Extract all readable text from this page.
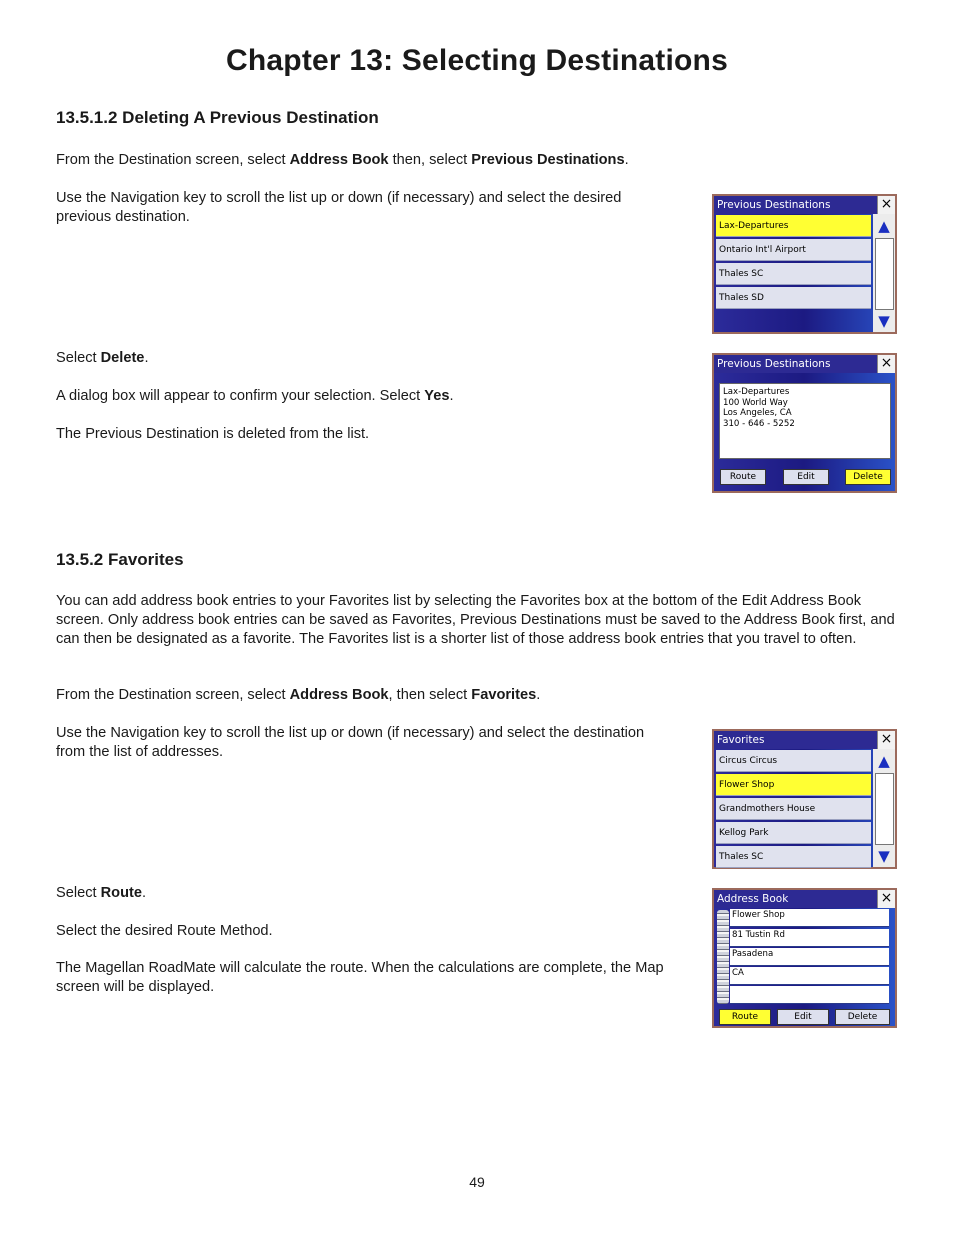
Chapter 13: Selecting Destinations
13.5.1.2 Deleting A Previous Destination
From the Destination screen, select Address Book then, select Previous Destinations.
Use the Navigation key to scroll the list up or down (if necessary) and select the desired previous destination.
Select Delete.
A dialog box will appear to confirm your selection. Select Yes.
The Previous Destination is deleted from the list.
Previous Destinations	×
Lax-Departures
Ontario Int'l Airport
Thales SC
Thales SD
▲
▼
Previous Destinations	×
Lax-Departures
100 World Way
Los Angeles, CA
310 - 646 - 5252
Route	Edit	Delete
13.5.2 Favorites
You can add address book entries to your Favorites list by selecting the Favorites box at the bottom of the Edit Address Book screen. Only address book entries can be saved as Favorites, Previous Destinations must be saved to the Address Book first, and can then be designated as a favorite. The Favorites list is a shorter list of those address book entries that you travel to often.
From the Destination screen, select Address Book, then select Favorites.
Use the Navigation key to scroll the list up or down (if necessary) and select the destination from the list of addresses.
Select Route.
Select the desired Route Method.
The Magellan RoadMate will calculate the route. When the calculations are complete, the Map screen will be displayed.
Favorites	×
Circus Circus
Flower Shop
Grandmothers House
Kellog Park
Thales SC
▲
▼
Address Book	×
Flower Shop
81 Tustin Rd
Pasadena
CA
Route	Edit	Delete
49
